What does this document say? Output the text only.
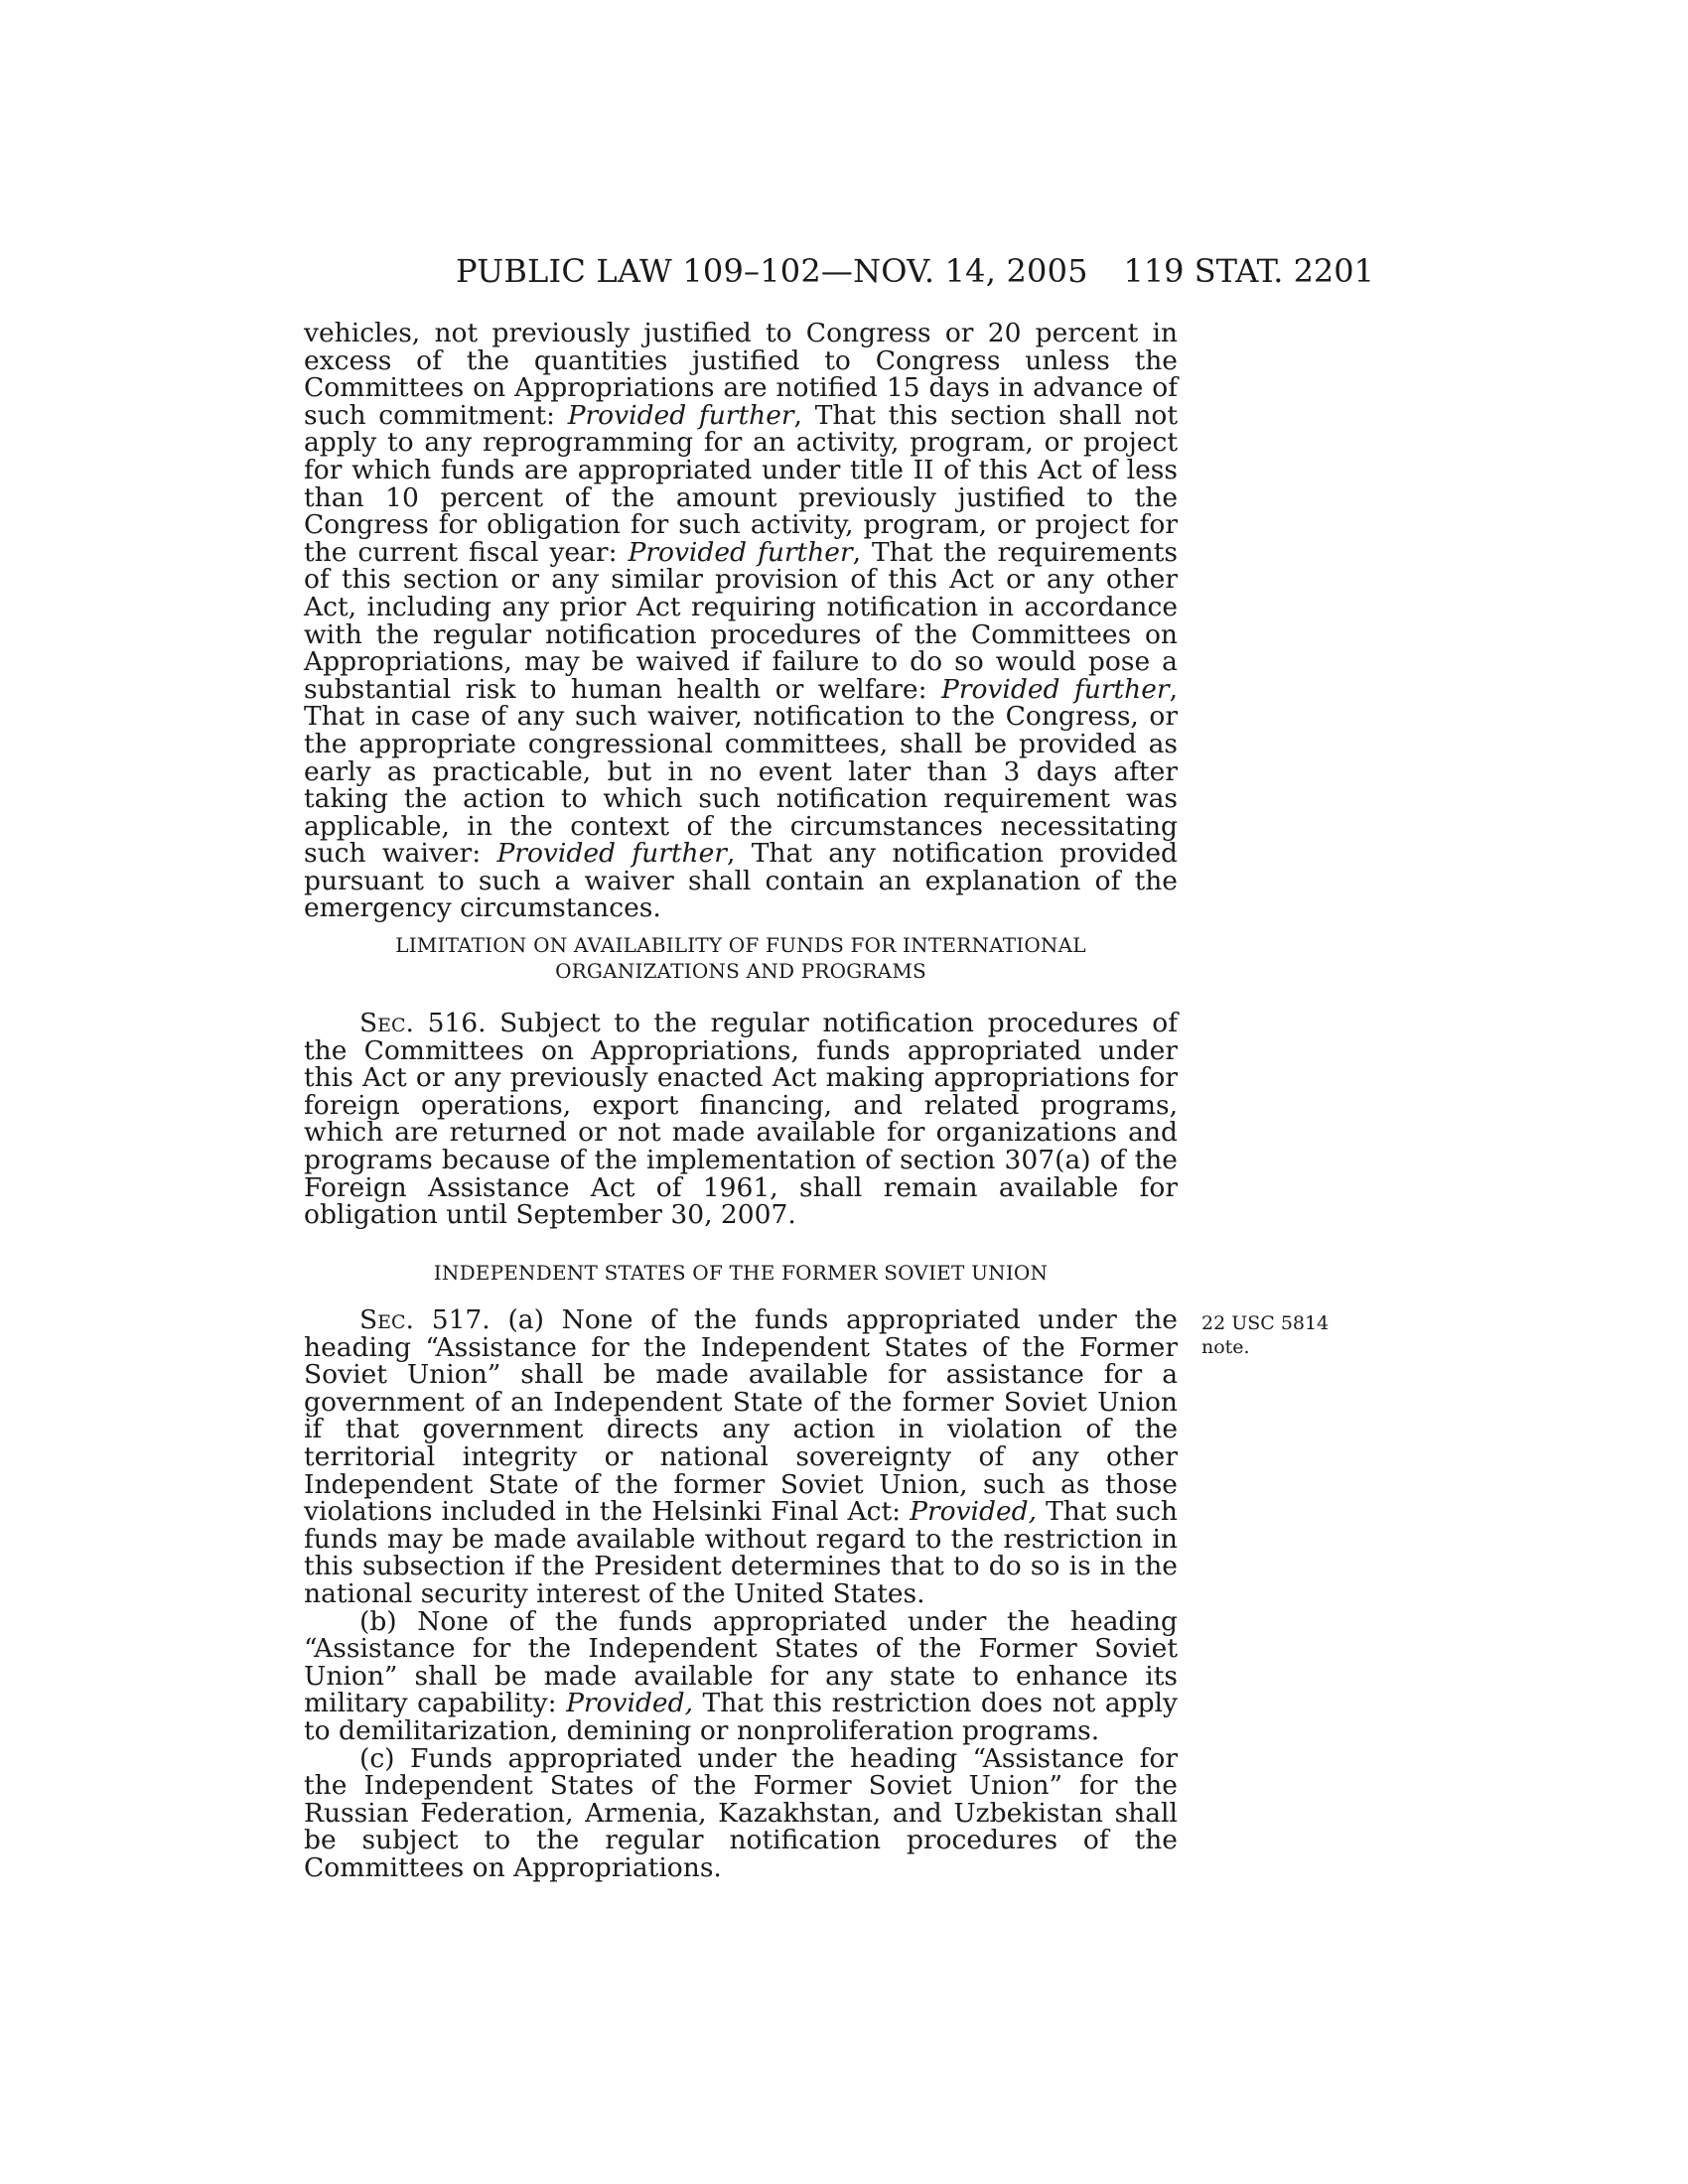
PUBLIC LAW 109–102—NOV. 14, 2005 119 STAT. 2201

vehicles, not previously justified to Congress or 20 percent in excess of the quantities justified to Congress unless the Committees on Appropriations are notified 15 days in advance of such commitment: Provided further, That this section shall not apply to any reprogramming for an activity, program, or project for which funds are appropriated under title II of this Act of less than 10 percent of the amount previously justified to the Congress for obligation for such activity, program, or project for the current fiscal year: Provided further, That the requirements of this section or any similar provision of this Act or any other Act, including any prior Act requiring notification in accordance with the regular notification procedures of the Committees on Appropriations, may be waived if failure to do so would pose a substantial risk to human health or welfare: Provided further, That in case of any such waiver, notification to the Congress, or the appropriate congressional committees, shall be provided as early as practicable, but in no event later than 3 days after taking the action to which such notification requirement was applicable, in the context of the circumstances necessitating such waiver: Provided further, That any notification provided pursuant to such a waiver shall contain an explanation of the emergency circumstances.

LIMITATION ON AVAILABILITY OF FUNDS FOR INTERNATIONAL
ORGANIZATIONS AND PROGRAMS

Sec. 516. Subject to the regular notification procedures of the Committees on Appropriations, funds appropriated under this Act or any previously enacted Act making appropriations for foreign operations, export financing, and related programs, which are returned or not made available for organizations and programs because of the implementation of section 307(a) of the Foreign Assistance Act of 1961, shall remain available for obligation until September 30, 2007.

INDEPENDENT STATES OF THE FORMER SOVIET UNION

Sec. 517. (a) None of the funds appropriated under the heading “Assistance for the Independent States of the Former Soviet Union” shall be made available for assistance for a government of an Independent State of the former Soviet Union if that government directs any action in violation of the territorial integrity or national sovereignty of any other Independent State of the former Soviet Union, such as those violations included in the Helsinki Final Act: Provided, That such funds may be made available without regard to the restriction in this subsection if the President determines that to do so is in the national security interest of the United States.

(b) None of the funds appropriated under the heading “Assistance for the Independent States of the Former Soviet Union” shall be made available for any state to enhance its military capability: Provided, That this restriction does not apply to demilitarization, demining or nonproliferation programs.

(c) Funds appropriated under the heading “Assistance for the Independent States of the Former Soviet Union” for the Russian Federation, Armenia, Kazakhstan, and Uzbekistan shall be subject to the regular notification procedures of the Committees on Appropriations.

22 USC 5814
note.
